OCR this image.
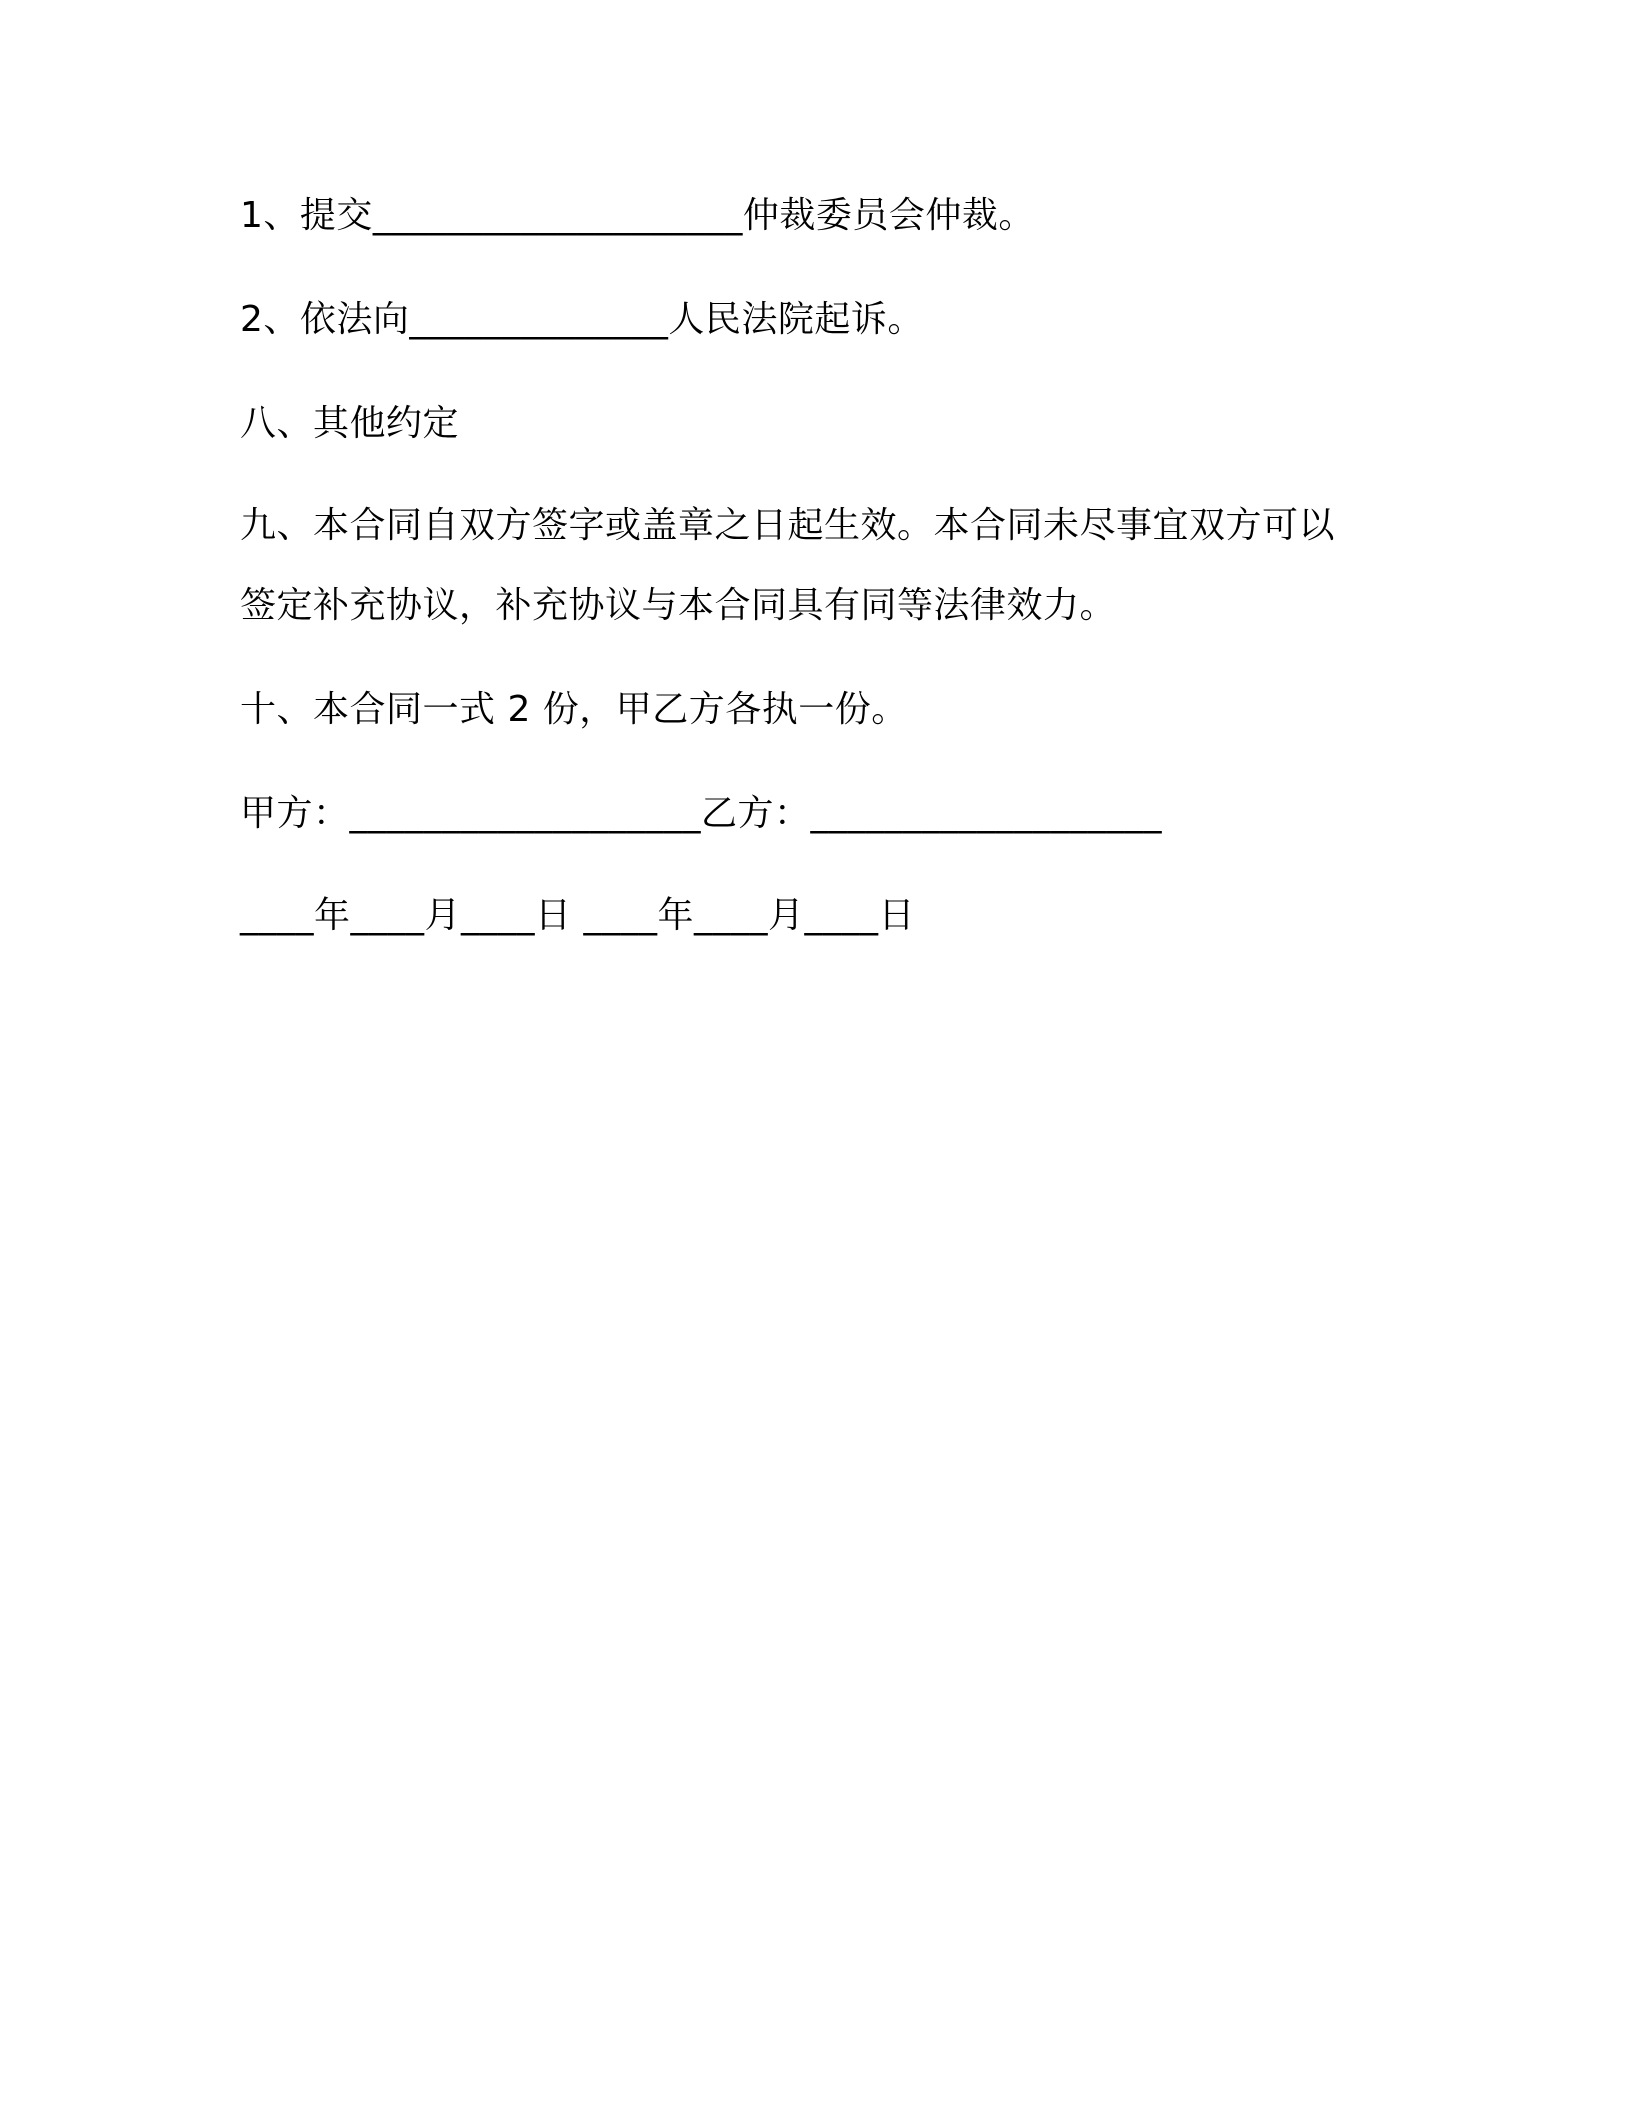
1、提交____________________仲裁委员会仲裁。
2、依法向______________人民法院起诉。
八、其他约定
九、本合同自双方签字或盖章之日起生效。本合同未尽事宜双方可以
签定补充协议，补充协议与本合同具有同等法律效力。
十、本合同一式 2 份，甲乙方各执一份。
甲方：___________________乙方：___________________
____年____月____日 ____年____月____日
